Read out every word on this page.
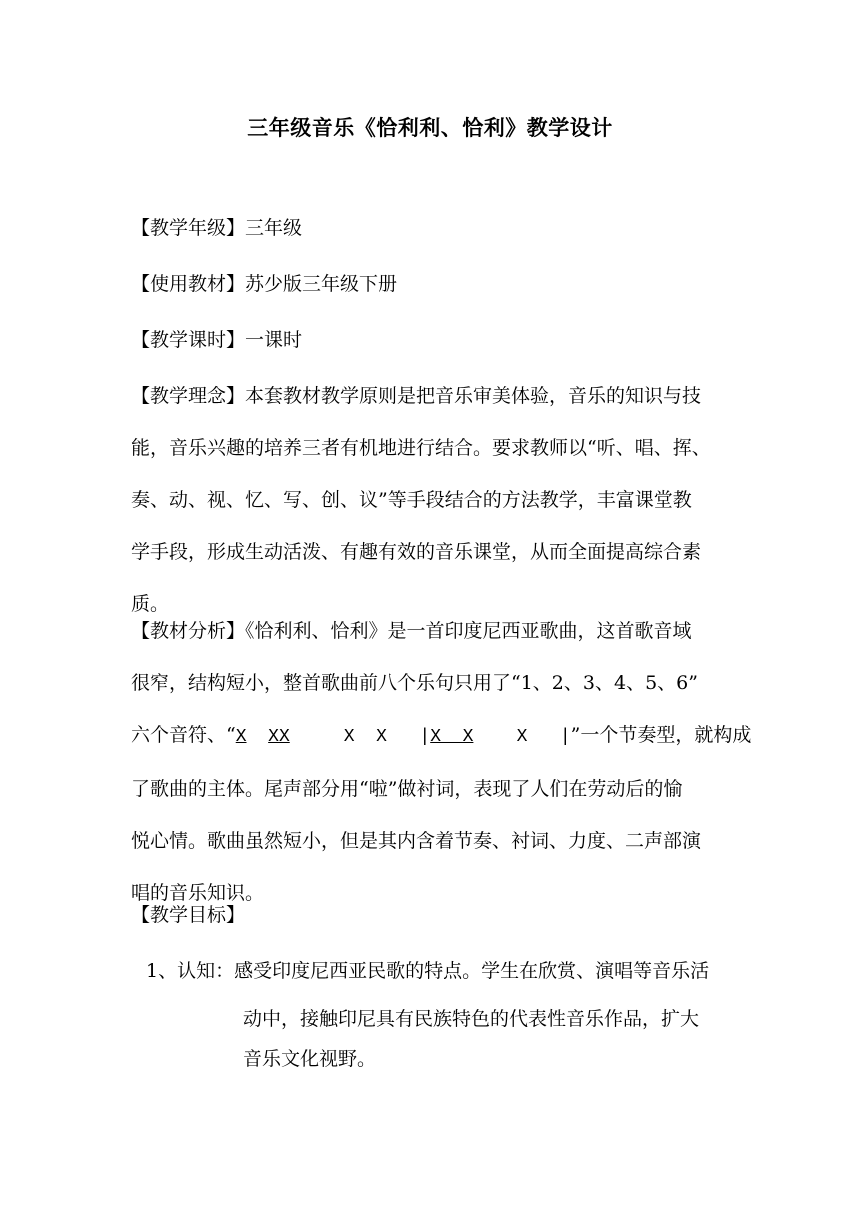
三年级音乐《恰利利、恰利》教学设计
【教学年级】三年级
【使用教材】苏少版三年级下册
【教学课时】一课时
【教学理念】本套教材教学原则是把音乐审美体验，音乐的知识与技
能，音乐兴趣的培养三者有机地进行结合。要求教师以“听、唱、挥、
奏、动、视、忆、写、创、议”等手段结合的方法教学，丰富课堂教
学手段，形成生动活泼、有趣有效的音乐课堂，从而全面提高综合素
质。
【教材分析】《恰利利、恰利》是一首印度尼西亚歌曲，这首歌音域
很窄，结构短小，整首歌曲前八个乐句只用了“1、2、3、4、5、6”
六个音符、“X XX	X  X |X  X X |”一个节奏型，就构成
了歌曲的主体。尾声部分用“啦”做衬词，表现了人们在劳动后的愉
悦心情。歌曲虽然短小，但是其内含着节奏、衬词、力度、二声部演
唱的音乐知识。
【教学目标】
1、认知：感受印度尼西亚民歌的特点。学生在欣赏、演唱等音乐活
动中，接触印尼具有民族特色的代表性音乐作品，扩大
音乐文化视野。
